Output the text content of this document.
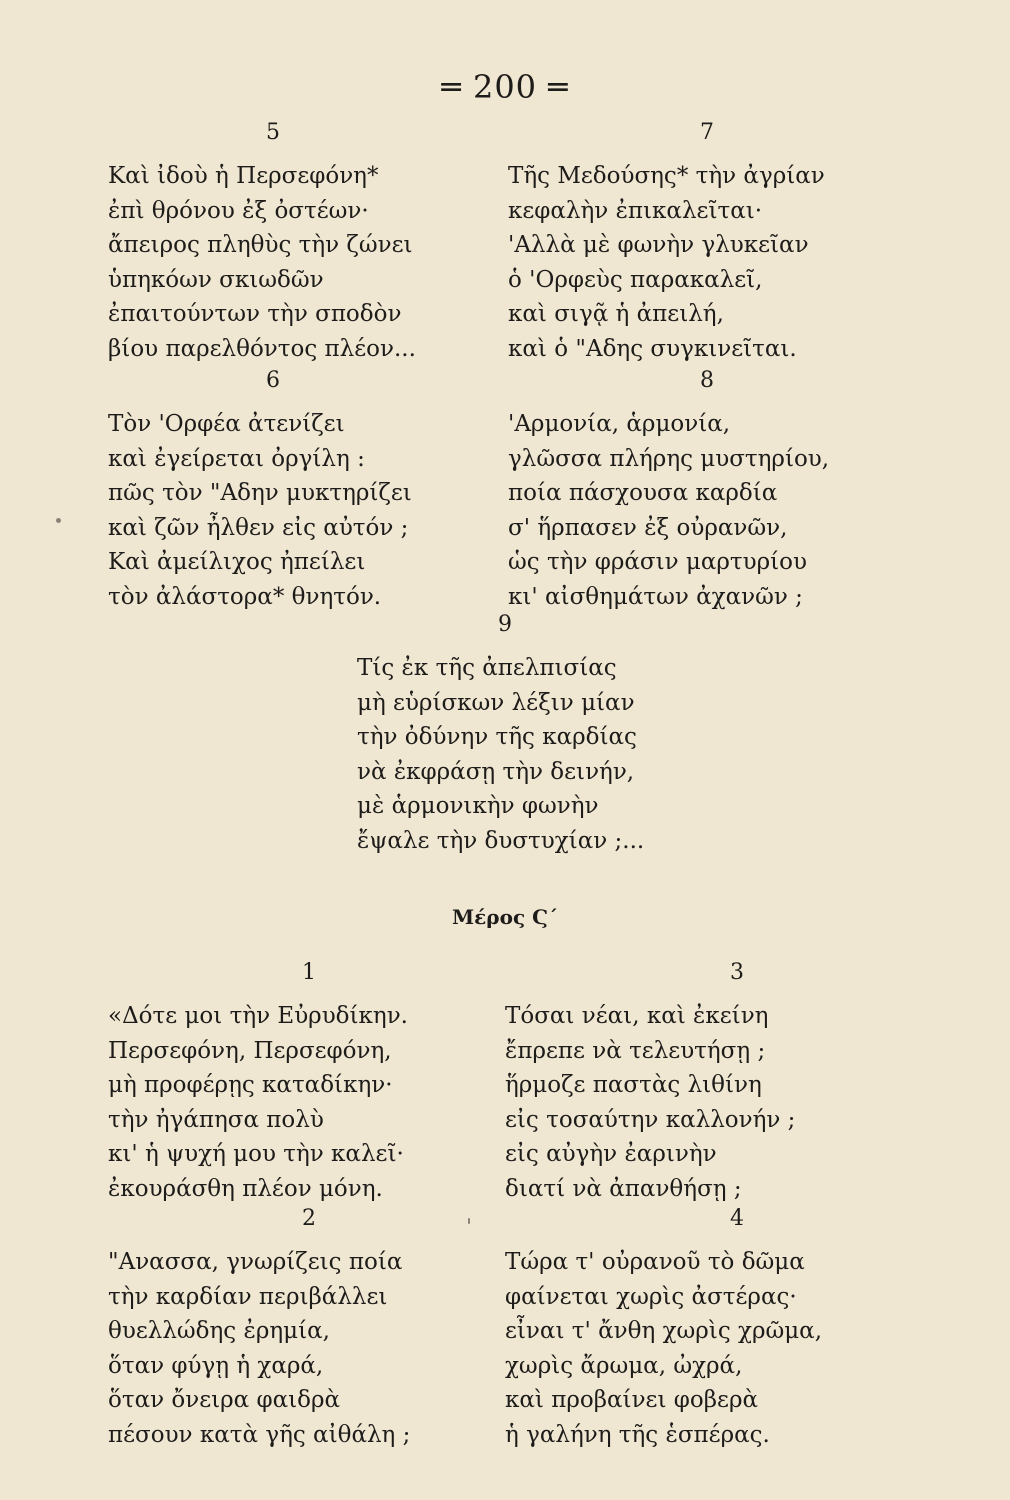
═ 200 ═
5
Καὶ ἰδοὺ ἡ Περσεφόνη*
ἐπὶ θρόνου ἐξ ὀστέων·
ἄπειρος πληθὺς τὴν ζώνει
ὑπηκόων σκιωδῶν
ἐπαιτούντων τὴν σποδὸν
βίου παρελθόντος πλέον...
6
Τὸν 'Ορφέα ἀτενίζει
καὶ ἐγείρεται ὀργίλη :
πῶς τὸν "Αδην μυκτηρίζει
καὶ ζῶν ἦλθεν εἰς αὐτόν ;
Καὶ ἀμείλιχος ἠπείλει
τὸν ἀλάστορα* θνητόν.
7
Τῆς Μεδούσης* τὴν ἀγρίαν
κεφαλὴν ἐπικαλεῖται·
'Αλλὰ μὲ φωνὴν γλυκεῖαν
ὁ 'Ορφεὺς παρακαλεῖ,
καὶ σιγᾷ ἡ ἀπειλή,
καὶ ὁ "Αδης συγκινεῖται.
8
'Αρμονία, ἁρμονία,
γλῶσσα πλήρης μυστηρίου,
ποία πάσχουσα καρδία
σ' ἥρπασεν ἐξ οὐρανῶν,
ὡς τὴν φράσιν μαρτυρίου
κι' αἰσθημάτων ἀχανῶν ;
9
Τίς ἐκ τῆς ἀπελπισίας
μὴ εὑρίσκων λέξιν μίαν
τὴν ὀδύνην τῆς καρδίας
νὰ ἐκφράσῃ τὴν δεινήν,
μὲ ἁρμονικὴν φωνὴν
ἔψαλε τὴν δυστυχίαν ;...
Μέρος Ϛ΄
1
«Δότε μοι τὴν Εὐρυδίκην.
Περσεφόνη, Περσεφόνη,
μὴ προφέρῃς καταδίκην·
τὴν ἠγάπησα πολὺ
κι' ἡ ψυχή μου τὴν καλεῖ·
ἐκουράσθη πλέον μόνη.
2
"Ανασσα, γνωρίζεις ποία
τὴν καρδίαν περιβάλλει
θυελλώδης ἐρημία,
ὅταν φύγῃ ἡ χαρά,
ὅταν ὄνειρα φαιδρὰ
πέσουν κατὰ γῆς αἰθάλη ;
3
Τόσαι νέαι, καὶ ἐκείνη
ἔπρεπε νὰ τελευτήσῃ ;
ἥρμοζε παστὰς λιθίνη
εἰς τοσαύτην καλλονήν ;
εἰς αὐγὴν ἐαρινὴν
διατί νὰ ἀπανθήσῃ ;
4
Τώρα τ' οὐρανοῦ τὸ δῶμα
φαίνεται χωρὶς ἀστέρας·
εἶναι τ' ἄνθη χωρὶς χρῶμα,
χωρὶς ἄρωμα, ὠχρά,
καὶ προβαίνει φοβερὰ
ἡ γαλήνη τῆς ἑσπέρας.
